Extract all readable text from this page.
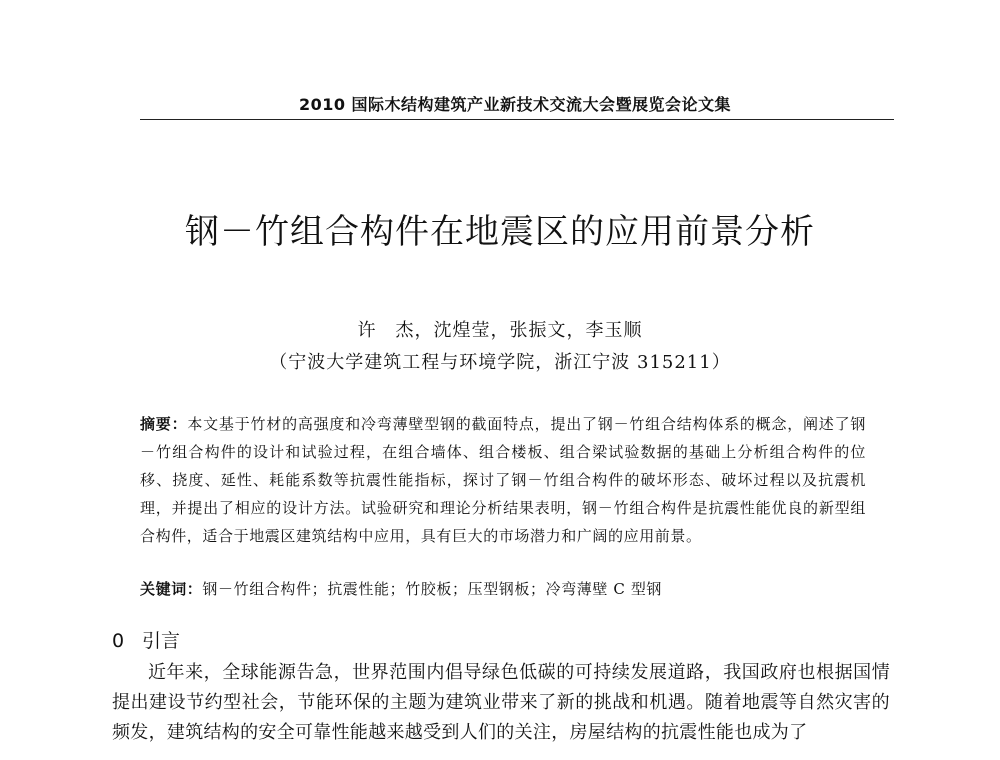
2010 国际木结构建筑产业新技术交流大会暨展览会论文集
钢－竹组合构件在地震区的应用前景分析
许　杰，沈煌莹，张振文，李玉顺
（宁波大学建筑工程与环境学院，浙江宁波 315211）
摘要：本文基于竹材的高强度和冷弯薄壁型钢的截面特点，提出了钢－竹组合结构体系的概念，阐述了钢－竹组合构件的设计和试验过程，在组合墙体、组合楼板、组合梁试验数据的基础上分析组合构件的位移、挠度、延性、耗能系数等抗震性能指标，探讨了钢－竹组合构件的破坏形态、破坏过程以及抗震机理，并提出了相应的设计方法。试验研究和理论分析结果表明，钢－竹组合构件是抗震性能优良的新型组合构件，适合于地震区建筑结构中应用，具有巨大的市场潜力和广阔的应用前景。
关键词：钢－竹组合构件；抗震性能；竹胶板；压型钢板；冷弯薄壁 C 型钢
0 引言
近年来，全球能源告急，世界范围内倡导绿色低碳的可持续发展道路，我国政府也根据国情提出建设节约型社会，节能环保的主题为建筑业带来了新的挑战和机遇。随着地震等自然灾害的频发，建筑结构的安全可靠性能越来越受到人们的关注，房屋结构的抗震性能也成为了
